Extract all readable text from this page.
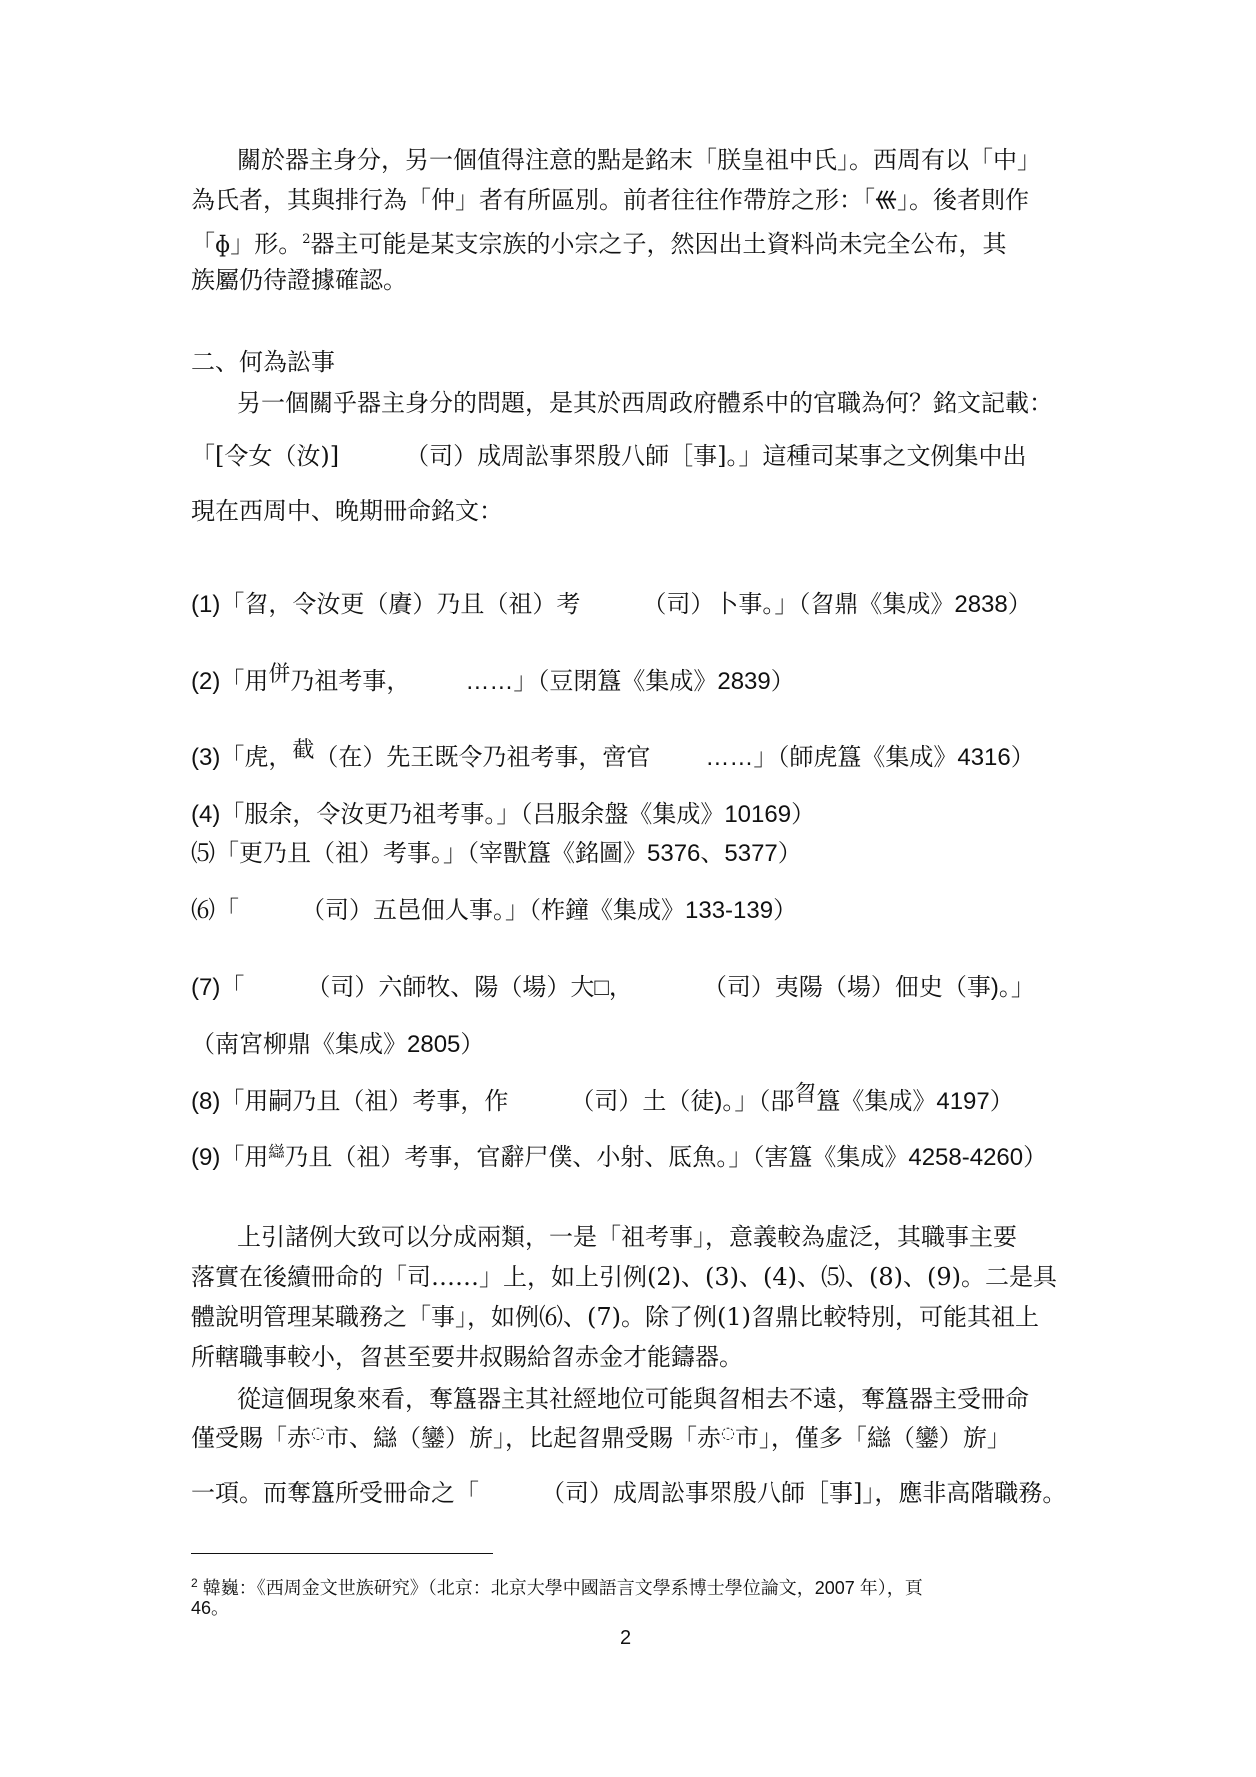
關於器主身分，另一個值得注意的點是銘末「朕皇祖中氏」。西周有以「中」
為氏者，其與排行為「仲」者有所區別。前者往往作帶斿之形：「𡿧」。後者則作
「ɸ」形。$^2$器主可能是某支宗族的小宗之子，然因出土資料尚未完全公布，其
族屬仍待證據確認。
二、何為訟事
另一個關乎器主身分的問題，是其於西周政府體系中的官職為何？銘文記載：
「[令女（汝)]	（司）成周訟事眔殷八師［事]。」這種司某事之文例集中出
現在西周中、晚期冊命銘文：
(1)「曶，令汝更（賡）乃且（祖）考	（司）卜事。」（曶鼎《集成》2838）
(2)「用併乃祖考事， ……」（豆閉簋《集成》2839）
(3)「虎，截（在）先王既令乃祖考事，啻官 ……」（師虎簋《集成》4316）
(4)「服余，令汝更乃祖考事。」（吕服余盤《集成》10169）
⑸「更乃且（祖）考事。」（宰獸簋《銘圖》5376、5377）
⑹「	（司）五邑佃人事。」（柞鐘《集成》133-139）
(7)「	（司）六師牧、陽（場）大□，	（司）夷陽（場）佃史（事)。」
（南宮柳鼎《集成》2805）
(8)「用嗣乃且（祖）考事，作	（司）土（徒)。」（郘㫚簋《集成》4197）
(9)「用䜌乃且（祖）考事，官辭尸僕、小射、厎魚。」（害簋《集成》4258-4260）
上引諸例大致可以分成兩類，一是「祖考事」，意義較為虛泛，其職事主要
落實在後續冊命的「司……」上，如上引例(2)、(3)、(4)、⑸、(8)、(9)。二是具
體說明管理某職務之「事」，如例⑹、(7)。除了例(1)曶鼎比較特別，可能其祖上
所轄職事較小，曶甚至要井叔賜給曶赤金才能鑄器。
從這個現象來看，奪簋器主其社經地位可能與曶相去不遠，奪簋器主受冊命
僅受賜「赤◌市、䜌（鑾）旂」，比起曶鼎受賜「赤◌市」，僅多「䜌（鑾）旂」
一項。而奪簋所受冊命之「	（司）成周訟事眔殷八師［事]」，應非高階職務。
$^2$ 韓巍：《西周金文世族研究》（北京：北京大學中國語言文學系博士學位論文，2007 年），頁
46。
2
